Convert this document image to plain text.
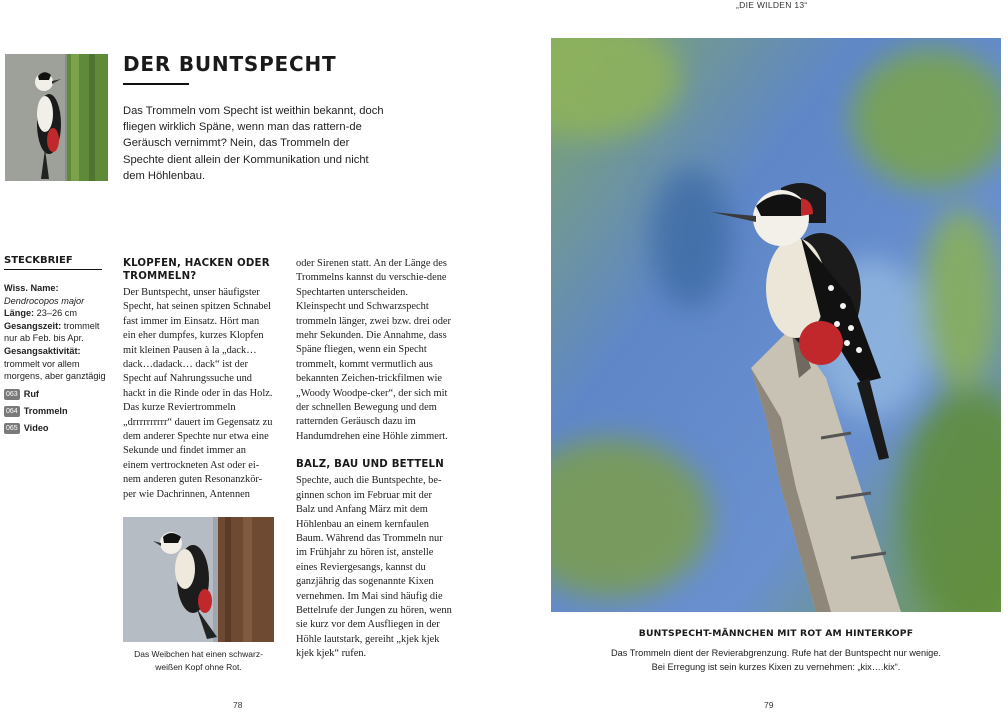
„DIE WILDEN 13“
DER BUNTSPECHT

Das Trommeln vom Specht ist weithin bekannt, doch fliegen wirklich Späne, wenn man das rattern-de Geräusch vernimmt? Nein, das Trommeln der Spechte dient allein der Kommunikation und nicht dem Höhlenbau.

STECKBRIEF
Wiss. Name:
Dendrocopos major
Länge: 23–26 cm
Gesangszeit: trommelt nur ab Feb. bis Apr.
Gesangsaktivität: trommelt vor allem morgens, aber ganztägig
063 Ruf
064 Trommeln
065 Video
KLOPFEN, HACKEN ODER TROMMELN?

Der Buntspecht, unser häufigster Specht, hat seinen spitzen Schnabel fast immer im Einsatz. Hört man ein eher dumpfes, kurzes Klopfen mit kleinen Pausen à la „dack… dack…dadack… dack“ ist der Specht auf Nahrungssuche und hackt in die Rinde oder in das Holz. Das kurze Reviertrommeln „drrrrrrrrrr“ dauert im Gegensatz zu dem anderer Spechte nur etwa eine Sekunde und findet immer an einem vertrockneten Ast oder ei-nem anderen guten Resonanzkör-per wie Dachrinnen, Antennen

Das Weibchen hat einen schwarz-weißen Kopf ohne Rot.

oder Sirenen statt. An der Länge des Trommelns kannst du verschie-dene Spechtarten unterscheiden. Kleinspecht und Schwarzspecht trommeln länger, zwei bzw. drei oder mehr Sekunden. Die Annahme, dass Späne fliegen, wenn ein Specht trommelt, kommt vermutlich aus bekannten Zeichen-trickfilmen wie „Woody Woodpe-cker“, der sich mit der schnellen Bewegung und dem ratternden Geräusch dazu im Handumdrehen eine Höhle zimmert.

BALZ, BAU UND BETTELN

Spechte, auch die Buntspechte, be-ginnen schon im Februar mit der Balz und Anfang März mit dem Höhlenbau an einem kernfaulen Baum. Während das Trommeln nur im Frühjahr zu hören ist, anstelle eines Reviergesangs, kannst du ganzjährig das sogenannte Kixen vernehmen. Im Mai sind häufig die Bettelrufe der Jungen zu hören, wenn sie kurz vor dem Ausfliegen in der Höhle lautstark, gereiht „kjek kjek kjek kjek“ rufen.

78

BUNTSPECHT-MÄNNCHEN MIT ROT AM HINTERKOPF

Das Trommeln dient der Revierabgrenzung. Rufe hat der Buntspecht nur wenige.
Bei Erregung ist sein kurzes Kixen zu vernehmen: „kix….kix“.

79
